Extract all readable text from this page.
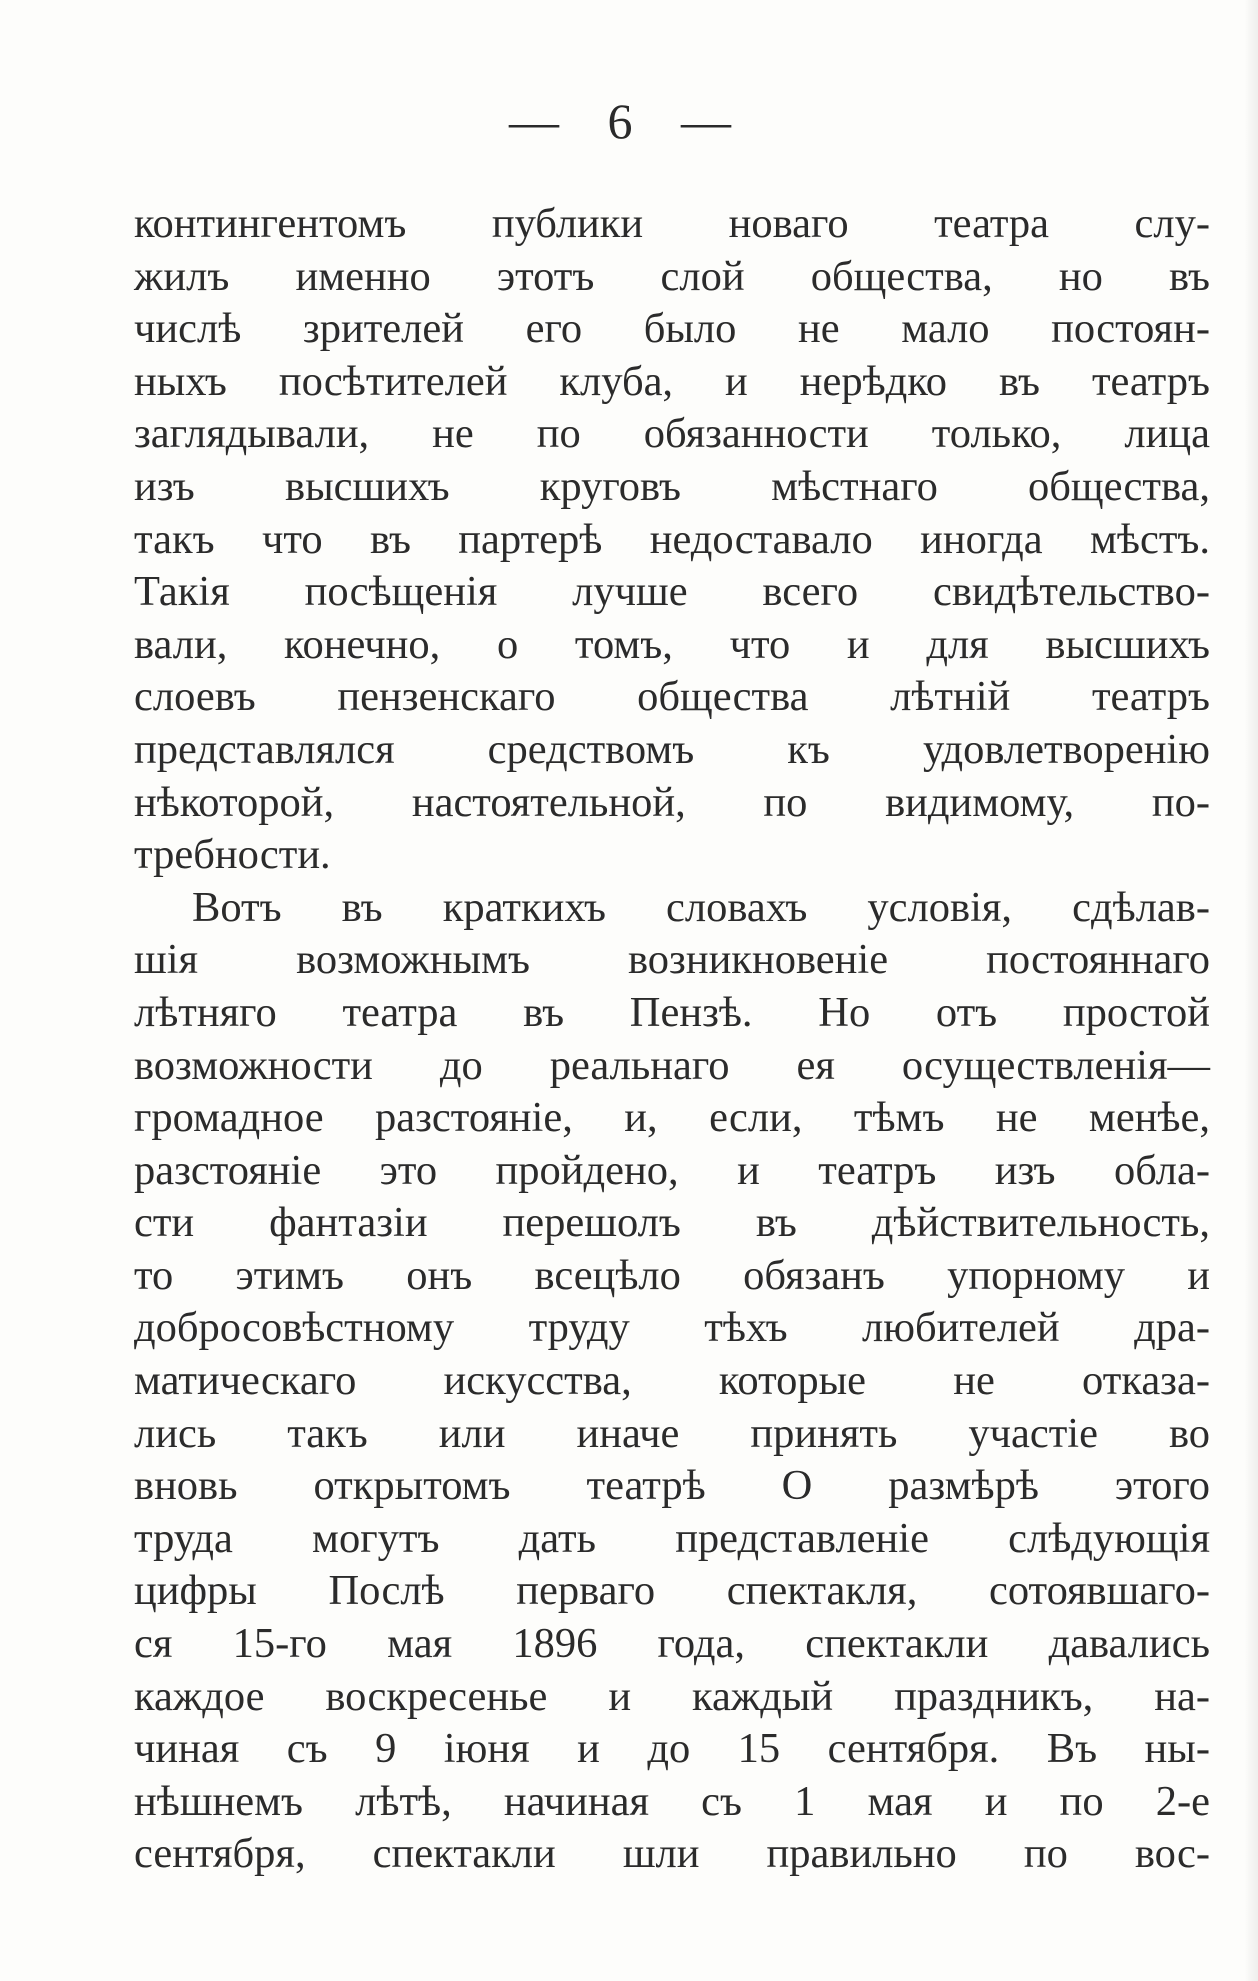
— 6 —
контингентомъ публики новаго театра слу-
жилъ именно этотъ слой общества, но въ
числѣ зрителей его было не мало постоян-
ныхъ посѣтителей клуба, и нерѣдко въ театръ
заглядывали, не по обязанности только, лица
изъ высшихъ круговъ мѣстнаго общества,
такъ что въ партерѣ недоставало иногда мѣстъ.
Такія посѣщенія лучше всего свидѣтельство-
вали, конечно, о томъ, что и для высшихъ
слоевъ пензенскаго общества лѣтній театръ
представлялся средствомъ къ удовлетворенію
нѣкоторой, настоятельной, по видимому, по-
требности.
Вотъ въ краткихъ словахъ условія, сдѣлав-
шія возможнымъ возникновеніе постояннаго
лѣтняго театра въ Пензѣ. Но отъ простой
возможности до реальнаго ея осуществленія—
громадное разстояніе, и, если, тѣмъ не менѣе,
разстояніе это пройдено, и театръ изъ обла-
сти фантазіи перешолъ въ дѣйствительность,
то этимъ онъ всецѣло обязанъ упорному и
добросовѣстному труду тѣхъ любителей дра-
матическаго искусства, которые не отказа-
лись такъ или иначе принять участіе во
вновь открытомъ театрѣ О размѣрѣ этого
труда могутъ дать представленіе слѣдующія
цифры Послѣ перваго спектакля, сотоявшаго-
ся 15-го мая 1896 года, спектакли давались
каждое воскресенье и каждый праздникъ, на-
чиная съ 9 іюня и до 15 сентября. Въ ны-
нѣшнемъ лѣтѣ, начиная съ 1 мая и по 2-е
сентября, спектакли шли правильно по вос-
